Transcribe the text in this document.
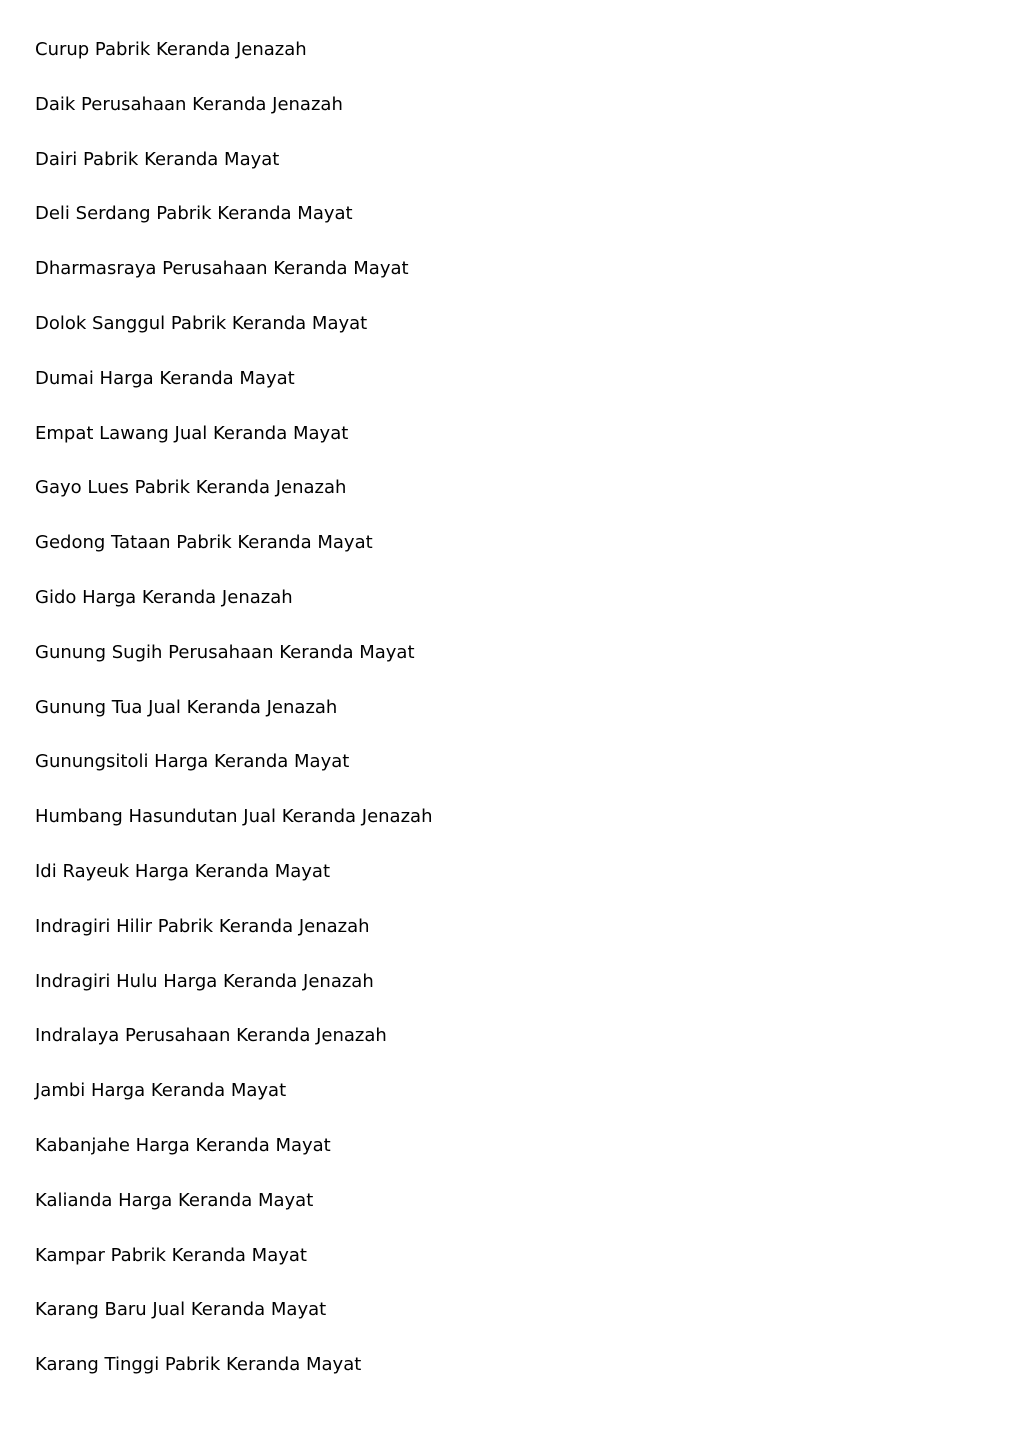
Curup Pabrik Keranda Jenazah
Daik Perusahaan Keranda Jenazah
Dairi Pabrik Keranda Mayat
Deli Serdang Pabrik Keranda Mayat
Dharmasraya Perusahaan Keranda Mayat
Dolok Sanggul Pabrik Keranda Mayat
Dumai Harga Keranda Mayat
Empat Lawang Jual Keranda Mayat
Gayo Lues Pabrik Keranda Jenazah
Gedong Tataan Pabrik Keranda Mayat
Gido Harga Keranda Jenazah
Gunung Sugih Perusahaan Keranda Mayat
Gunung Tua Jual Keranda Jenazah
Gunungsitoli Harga Keranda Mayat
Humbang Hasundutan Jual Keranda Jenazah
Idi Rayeuk Harga Keranda Mayat
Indragiri Hilir Pabrik Keranda Jenazah
Indragiri Hulu Harga Keranda Jenazah
Indralaya Perusahaan Keranda Jenazah
Jambi Harga Keranda Mayat
Kabanjahe Harga Keranda Mayat
Kalianda Harga Keranda Mayat
Kampar Pabrik Keranda Mayat
Karang Baru Jual Keranda Mayat
Karang Tinggi Pabrik Keranda Mayat
